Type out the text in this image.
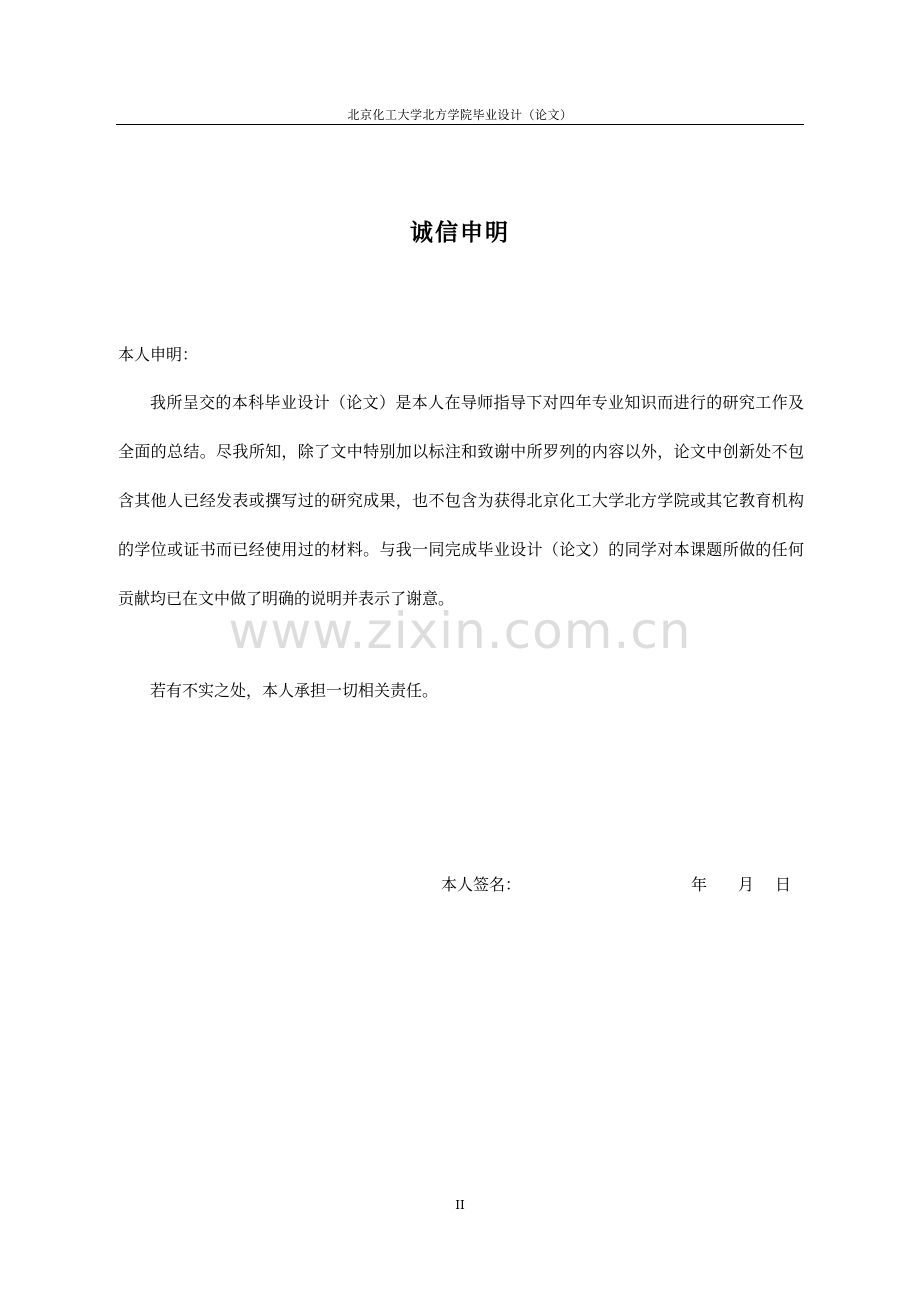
北京化工大学北方学院毕业设计（论文）
诚信申明
本人申明：

我所呈交的本科毕业设计（论文）是本人在导师指导下对四年专业知识而进行的研究工作及全面的总结。尽我所知，除了文中特别加以标注和致谢中所罗列的内容以外，论文中创新处不包含其他人已经发表或撰写过的研究成果，也不包含为获得北京化工大学北方学院或其它教育机构的学位或证书而已经使用过的材料。与我一同完成毕业设计（论文）的同学对本课题所做的任何贡献均已在文中做了明确的说明并表示了谢意。

www.zixin.com.cn

若有不实之处，本人承担一切相关责任。

本人签名：	年 月 日
II
